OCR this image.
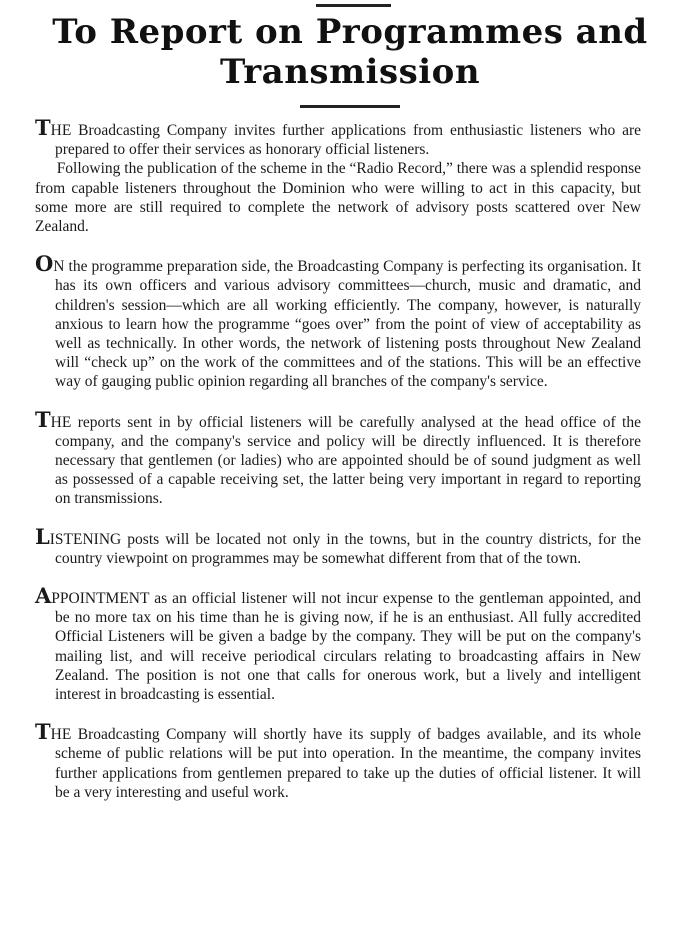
To Report on Programmes and
Transmission

THE Broadcasting Company invites further applications from enthusiastic listeners who are prepared to offer their services as honorary official listeners.

Following the publication of the scheme in the “Radio Record,” there was a splendid response from capable listeners throughout the Dominion who were willing to act in this capacity, but some more are still required to complete the network of advisory posts scattered over New Zealand.

ON the programme preparation side, the Broadcasting Company is perfecting its organisation. It has its own officers and various advisory committees—church, music and dramatic, and children's session—which are all working efficiently. The company, however, is naturally anxious to learn how the programme “goes over” from the point of view of acceptability as well as technically. In other words, the network of listening posts throughout New Zealand will “check up” on the work of the committees and of the stations. This will be an effective way of gauging public opinion regarding all branches of the company's service.

THE reports sent in by official listeners will be carefully analysed at the head office of the company, and the company's service and policy will be directly influenced. It is therefore necessary that gentlemen (or ladies) who are appointed should be of sound judgment as well as possessed of a capable receiving set, the latter being very important in regard to reporting on transmissions.

LISTENING posts will be located not only in the towns, but in the country districts, for the country viewpoint on programmes may be somewhat different from that of the town.

APPOINTMENT as an official listener will not incur expense to the gentleman appointed, and be no more tax on his time than he is giving now, if he is an enthusiast. All fully accredited Official Listeners will be given a badge by the company. They will be put on the company's mailing list, and will receive periodical circulars relating to broadcasting affairs in New Zealand. The position is not one that calls for onerous work, but a lively and intelligent interest in broadcasting is essential.

THE Broadcasting Company will shortly have its supply of badges available, and its whole scheme of public relations will be put into operation. In the meantime, the company invites further applications from gentlemen prepared to take up the duties of official listener. It will be a very interesting and useful work.
